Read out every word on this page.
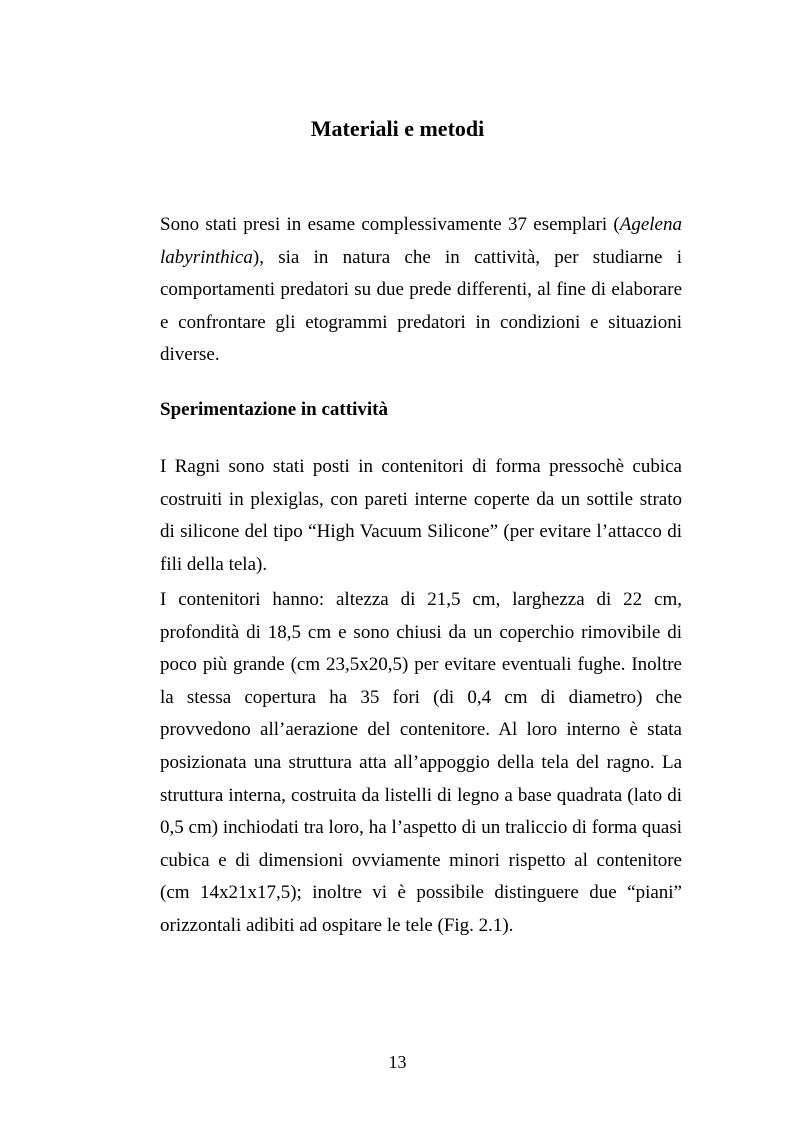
Materiali e metodi

Sono stati presi in esame complessivamente 37 esemplari (Agelena labyrinthica), sia in natura che in cattività, per studiarne i comportamenti predatori su due prede differenti, al fine di elaborare e confrontare gli etogrammi predatori in condizioni e situazioni diverse.

Sperimentazione in cattività

I Ragni sono stati posti in contenitori di forma pressochè cubica costruiti in plexiglas, con pareti interne coperte da un sottile strato di silicone del tipo “High Vacuum Silicone” (per evitare l’attacco di fili della tela).

I contenitori hanno: altezza di 21,5 cm, larghezza di 22 cm, profondità di 18,5 cm e sono chiusi da un coperchio rimovibile di poco più grande (cm 23,5x20,5) per evitare eventuali fughe. Inoltre la stessa copertura ha 35 fori (di 0,4 cm di diametro) che provvedono all’aerazione del contenitore. Al loro interno è stata posizionata una struttura atta all’appoggio della tela del ragno. La struttura interna, costruita da listelli di legno a base quadrata (lato di 0,5 cm) inchiodati tra loro, ha l’aspetto di un traliccio di forma quasi cubica e di dimensioni ovviamente minori rispetto al contenitore (cm 14x21x17,5); inoltre vi è possibile distinguere due “piani” orizzontali adibiti ad ospitare le tele (Fig. 2.1).

13
